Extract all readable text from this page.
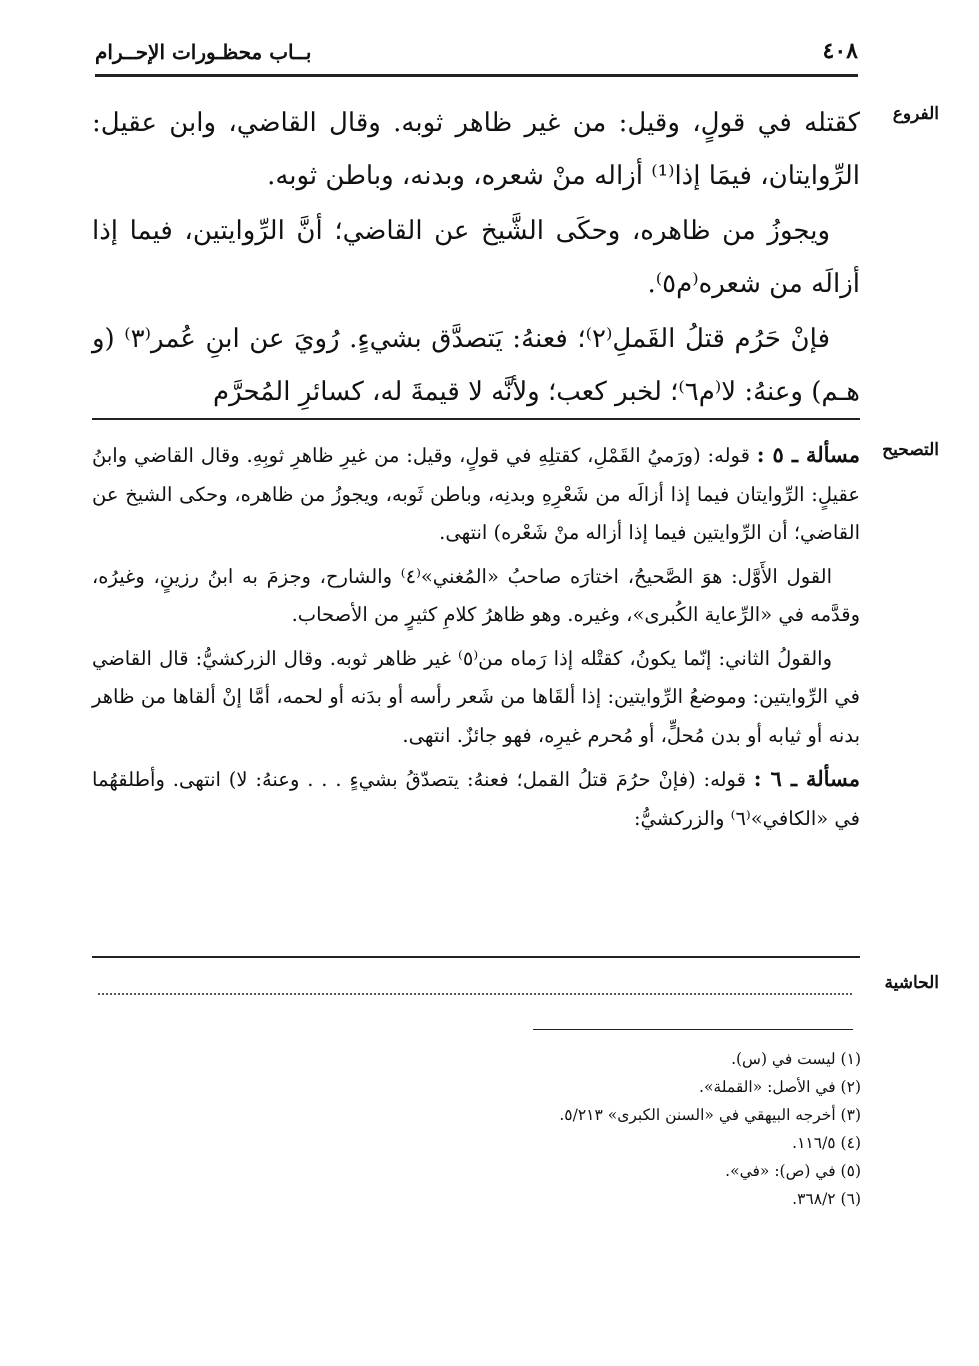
٤٠٨
بــاب محظـورات الإحــرام
الفروع

كقتله في قولٍ، وقيل: من غير ظاهر ثوبه. وقال القاضي، وابن عقيل: الرِّوايتان، فيمَا إذا⁽¹⁾ أزاله منْ شعره، وبدنه، وباطن ثوبه.

ويجوزُ من ظاهره، وحكَى الشَّيخ عن القاضي؛ أنَّ الرِّوايتين، فيما إذا أزالَه من شعره⁽م٥⁾.

فإنْ حَرُم قتلُ القَملِ⁽٢⁾؛ فعنهُ: يَتصدَّق بشيءٍ. رُويَ عن ابنِ عُمر⁽٣⁾ (و هـم) وعنهُ: لا⁽م٦⁾؛ لخبر كعب؛ ولأنَّه لا قيمةَ له، كسائرِ المُحرَّم

التصحيح

مسألة ـ ٥ : قوله: (ورَميُ القَمْلِ، كقتلِهِ في قولٍ، وقيل: من غيرِ ظاهرِ ثوبِهِ. وقال القاضي وابنُ عقيلٍ: الرِّوايتان فيما إذا أزالَه من شَعْرِهِ وبدنِه، وباطن ثَوبه، ويجوزُ من ظاهره، وحكى الشيخ عن القاضي؛ أن الرِّوايتين فيما إذا أزاله منْ شَعْره) انتهى.

القول الأَوَّل: هوَ الصَّحيحُ، اختارَه صاحبُ «المُغني»⁽٤⁾ والشارح، وجزمَ به ابنُ رزينٍ، وغيرُه، وقدَّمه في «الرِّعاية الكُبرى»، وغيره. وهو ظاهرُ كلامِ كثيرٍ من الأصحاب.

والقولُ الثاني: إنّما يكونُ، كقتْله إذا رَماه من⁽٥⁾ غير ظاهر ثوبه. وقال الزركشيُّ: قال القاضي في الرِّوايتين: وموضعُ الرِّوايتين: إذا ألقَاها من شَعر رأسه أو بدَنه أو لحمه، أمَّا إنْ ألقاها من ظاهر بدنه أو ثيابه أو بدن مُحلٍّ، أو مُحرم غيرِه، فهو جائزٌ. انتهى.

مسألة ـ ٦ : قوله: (فإنْ حرُمَ قتلُ القمل؛ فعنهُ: يتصدّقُ بشيءٍ . . . وعنهُ: لا) انتهى. وأطلقهُما في «الكافي»⁽٦⁾ والزركشيُّ:

الحاشية

(١) ليست في (س).

(٢) في الأصل: «القملة».

(٣) أخرجه البيهقي في «السنن الكبرى» ٥/٢١٣.

(٤) ١١٦/٥.

(٥) في (ص): «في».

(٦) ٣٦٨/٢.
